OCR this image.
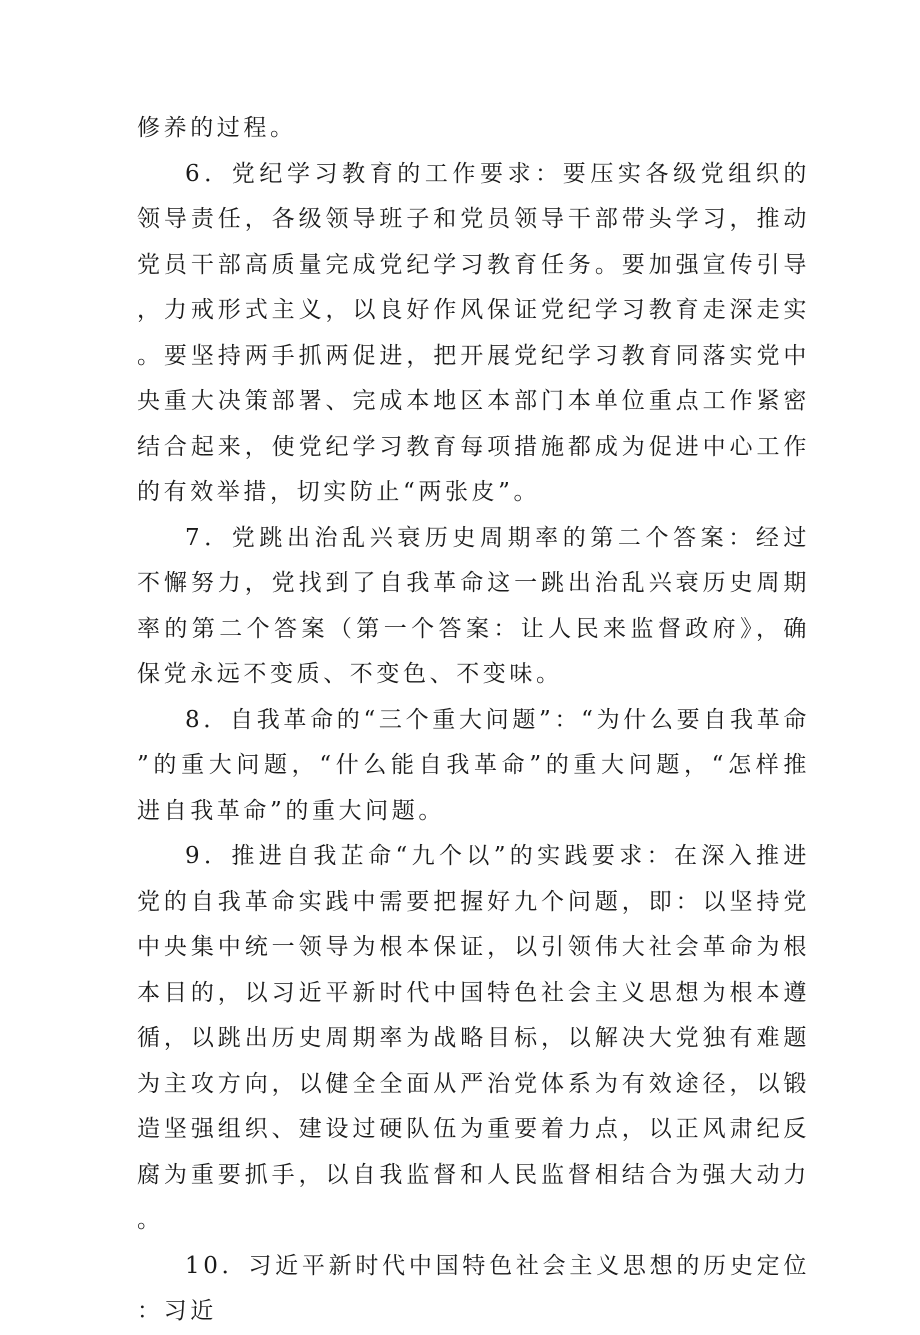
修养的过程。

6．党纪学习教育的工作要求：要压实各级党组织的领导责任，各级领导班子和党员领导干部带头学习，推动党员干部高质量完成党纪学习教育任务。要加强宣传引导，力戒形式主义，以良好作风保证党纪学习教育走深走实。要坚持两手抓两促进，把开展党纪学习教育同落实党中央重大决策部署、完成本地区本部门本单位重点工作紧密结合起来，使党纪学习教育每项措施都成为促进中心工作的有效举措，切实防止“两张皮”。

7．党跳出治乱兴衰历史周期率的第二个答案：经过不懈努力，党找到了自我革命这一跳出治乱兴衰历史周期率的第二个答案（第一个答案：让人民来监督政府》，确保党永远不变质、不变色、不变味。

8．自我革命的“三个重大问题”：“为什么要自我革命”的重大问题，“什么能自我革命”的重大问题，“怎样推进自我革命”的重大问题。

9．推进自我芷命“九个以”的实践要求：在深入推进党的自我革命实践中需要把握好九个问题，即：以坚持党中央集中统一领导为根本保证，以引领伟大社会革命为根本目的，以习近平新时代中国特色社会主义思想为根本遵循，以跳出历史周期率为战略目标，以解决大党独有难题为主攻方向，以健全全面从严治党体系为有效途径，以锻造坚强组织、建设过硬队伍为重要着力点，以正风肃纪反腐为重要抓手，以自我监督和人民监督相结合为强大动力。

10．习近平新时代中国特色社会主义思想的历史定位：习近
